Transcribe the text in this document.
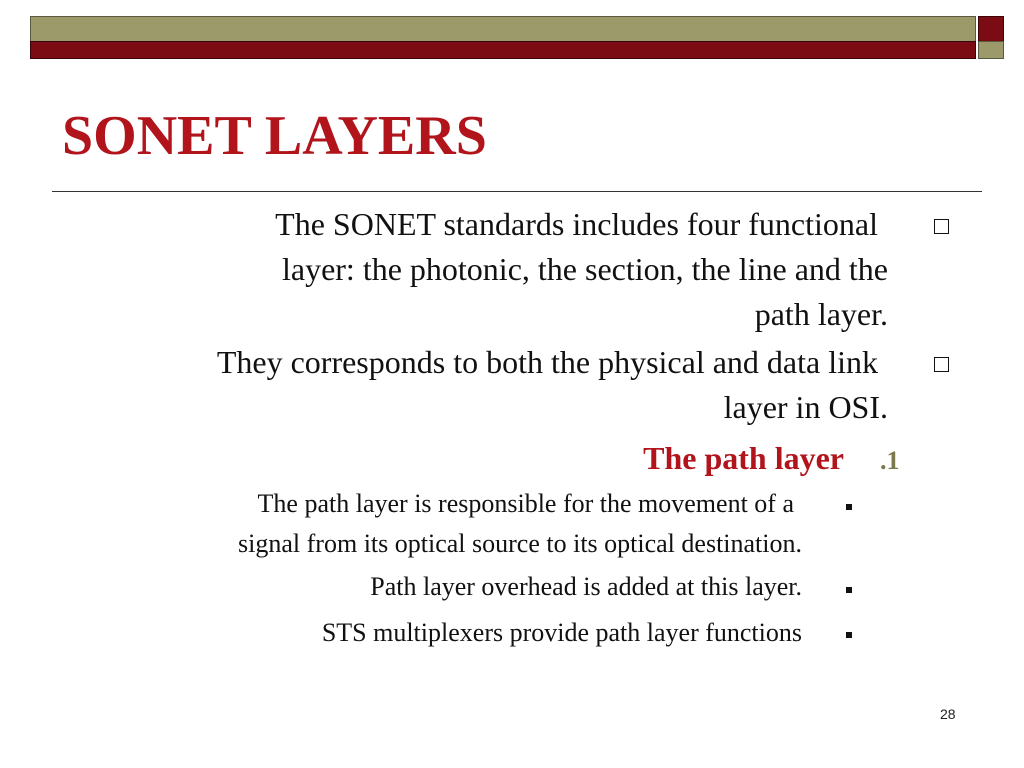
SONET LAYERS
The SONET standards includes four functional
layer: the photonic, the section, the line and the
path layer.
They corresponds to both the physical and data link
layer in OSI.
The path layer .1
The path layer is responsible for the movement of a
signal from its optical source to its optical destination.
Path layer overhead is added at this layer.
STS multiplexers provide path layer functions
28
